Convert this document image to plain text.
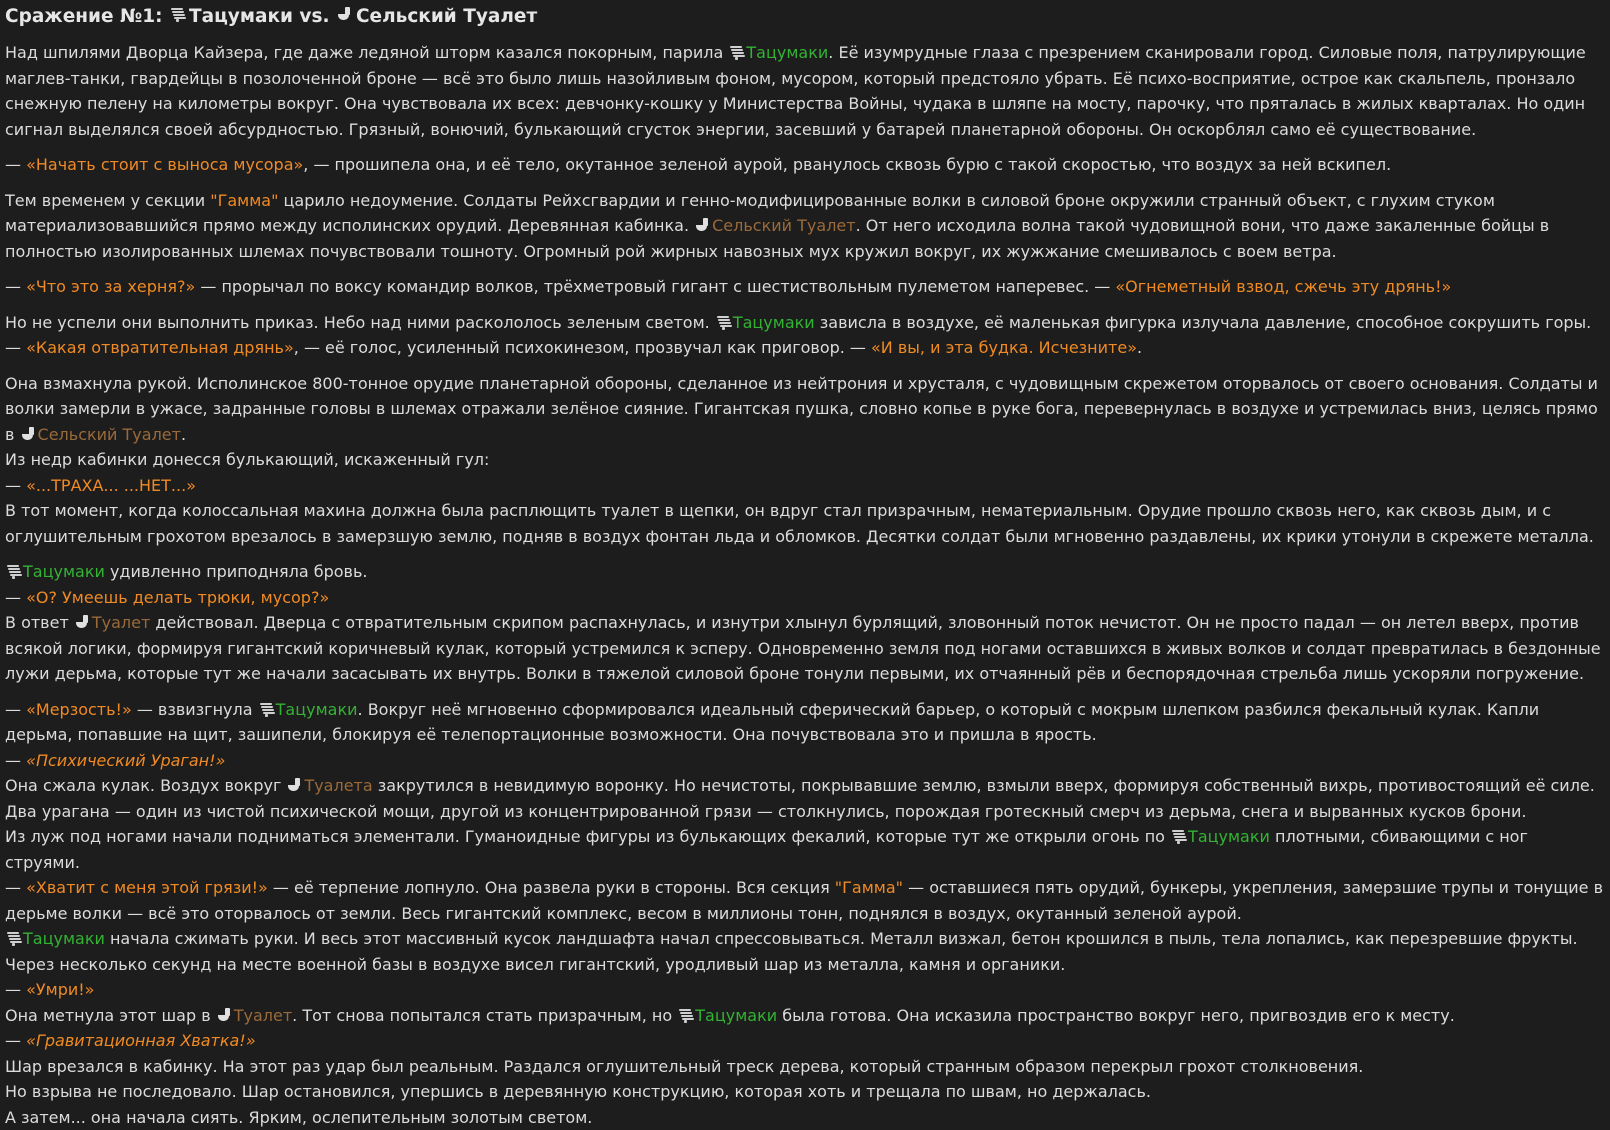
Сражение №1: Тацумаки vs. Сельский Туалет

Над шпилями Дворца Кайзера, где даже ледяной шторм казался покорным, парила Тацумаки. Её изумрудные глаза с презрением сканировали город. Силовые поля, патрулирующие маглев-танки, гвардейцы в позолоченной броне — всё это было лишь назойливым фоном, мусором, который предстояло убрать. Её психо-восприятие, острое как скальпель, пронзало снежную пелену на километры вокруг. Она чувствовала их всех: девчонку-кошку у Министерства Войны, чудака в шляпе на мосту, парочку, что пряталась в жилых кварталах. Но один сигнал выделялся своей абсурдностью. Грязный, вонючий, булькающий сгусток энергии, засевший у батарей планетарной обороны. Он оскорблял само её существование.

— «Начать стоит с выноса мусора», — прошипела она, и её тело, окутанное зеленой аурой, рванулось сквозь бурю с такой скоростью, что воздух за ней вскипел.

Тем временем у секции "Гамма" царило недоумение. Солдаты Рейхсгвардии и генно-модифицированные волки в силовой броне окружили странный объект, с глухим стуком материализовавшийся прямо между исполинских орудий. Деревянная кабинка. Сельский Туалет. От него исходила волна такой чудовищной вони, что даже закаленные бойцы в полностью изолированных шлемах почувствовали тошноту. Огромный рой жирных навозных мух кружил вокруг, их жужжание смешивалось с воем ветра.

— «Что это за херня?» — прорычал по воксу командир волков, трёхметровый гигант с шестиствольным пулеметом наперевес. — «Огнеметный взвод, сжечь эту дрянь!»

Но не успели они выполнить приказ. Небо над ними раскололось зеленым светом. Тацумаки зависла в воздухе, её маленькая фигурка излучала давление, способное сокрушить горы.
— «Какая отвратительная дрянь», — её голос, усиленный психокинезом, прозвучал как приговор. — «И вы, и эта будка. Исчезните».

Она взмахнула рукой. Исполинское 800-тонное орудие планетарной обороны, сделанное из нейтрония и хрусталя, с чудовищным скрежетом оторвалось от своего основания. Солдаты и волки замерли в ужасе, задранные головы в шлемах отражали зелёное сияние. Гигантская пушка, словно копье в руке бога, перевернулась в воздухе и устремилась вниз, целясь прямо в Сельский Туалет.
Из недр кабинки донесся булькающий, искаженный гул:
— «...ТРАХА... ...НЕТ...»
В тот момент, когда колоссальная махина должна была расплющить туалет в щепки, он вдруг стал призрачным, нематериальным. Орудие прошло сквозь него, как сквозь дым, и с оглушительным грохотом врезалось в замерзшую землю, подняв в воздух фонтан льда и обломков. Десятки солдат были мгновенно раздавлены, их крики утонули в скрежете металла.

Тацумаки удивленно приподняла бровь.
— «О? Умеешь делать трюки, мусор?»
В ответ Туалет действовал. Дверца с отвратительным скрипом распахнулась, и изнутри хлынул бурлящий, зловонный поток нечистот. Он не просто падал — он летел вверх, против всякой логики, формируя гигантский коричневый кулак, который устремился к эсперу. Одновременно земля под ногами оставшихся в живых волков и солдат превратилась в бездонные лужи дерьма, которые тут же начали засасывать их внутрь. Волки в тяжелой силовой броне тонули первыми, их отчаянный рёв и беспорядочная стрельба лишь ускоряли погружение.

— «Мерзость!» — взвизгнула Тацумаки. Вокруг неё мгновенно сформировался идеальный сферический барьер, о который с мокрым шлепком разбился фекальный кулак. Капли дерьма, попавшие на щит, зашипели, блокируя её телепортационные возможности. Она почувствовала это и пришла в ярость.
— «Психический Ураган!»
Она сжала кулак. Воздух вокруг Туалета закрутился в невидимую воронку. Но нечистоты, покрывавшие землю, взмыли вверх, формируя собственный вихрь, противостоящий её силе.
Два урагана — один из чистой психической мощи, другой из концентрированной грязи — столкнулись, порождая гротескный смерч из дерьма, снега и вырванных кусков брони.
Из луж под ногами начали подниматься элементали. Гуманоидные фигуры из булькающих фекалий, которые тут же открыли огонь по Тацумаки плотными, сбивающими с ног струями.
— «Хватит с меня этой грязи!» — её терпение лопнуло. Она развела руки в стороны. Вся секция "Гамма" — оставшиеся пять орудий, бункеры, укрепления, замерзшие трупы и тонущие в дерьме волки — всё это оторвалось от земли. Весь гигантский комплекс, весом в миллионы тонн, поднялся в воздух, окутанный зеленой аурой.
Тацумаки начала сжимать руки. И весь этот массивный кусок ландшафта начал спрессовываться. Металл визжал, бетон крошился в пыль, тела лопались, как перезревшие фрукты. Через несколько секунд на месте военной базы в воздухе висел гигантский, уродливый шар из металла, камня и органики.
— «Умри!»
Она метнула этот шар в Туалет. Тот снова попытался стать призрачным, но Тацумаки была готова. Она исказила пространство вокруг него, пригвоздив его к месту.
— «Гравитационная Хватка!»
Шар врезался в кабинку. На этот раз удар был реальным. Раздался оглушительный треск дерева, который странным образом перекрыл грохот столкновения.
Но взрыва не последовало. Шар остановился, упершись в деревянную конструкцию, которая хоть и трещала по швам, но держалась.
А затем... она начала сиять. Ярким, ослепительным золотым светом.
